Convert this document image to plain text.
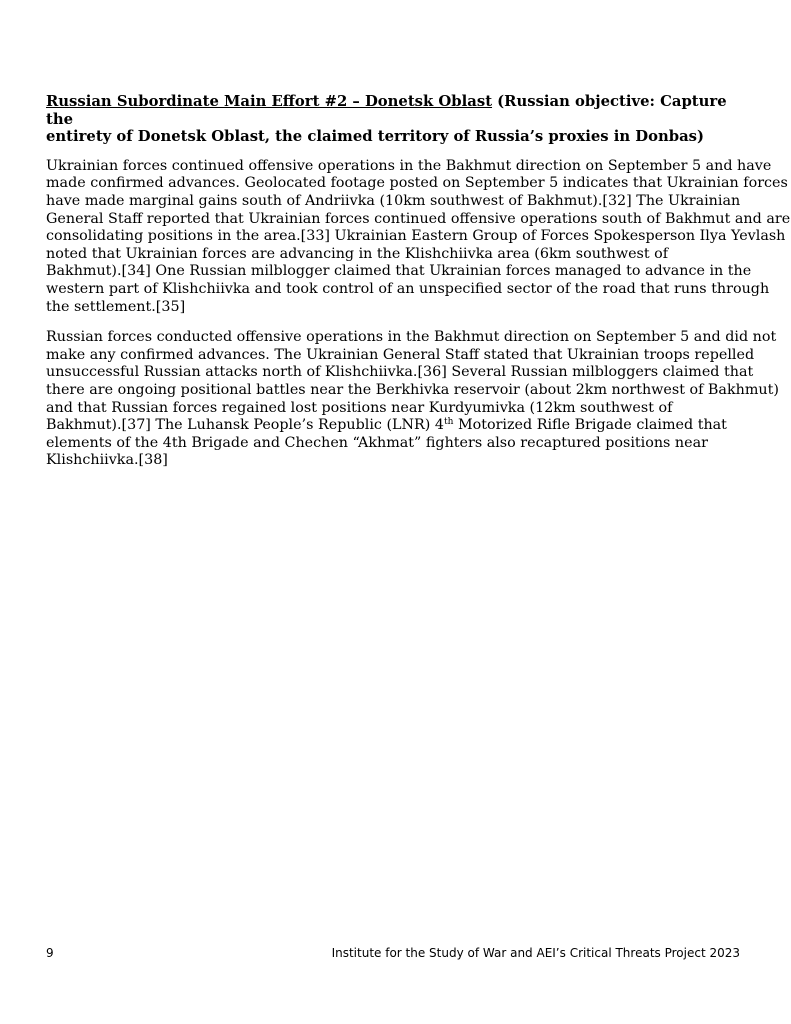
Russian Subordinate Main Effort #2 – Donetsk Oblast (Russian objective: Capture the
entirety of Donetsk Oblast, the claimed territory of Russia’s proxies in Donbas)

Ukrainian forces continued offensive operations in the Bakhmut direction on September 5 and have
made confirmed advances. Geolocated footage posted on September 5 indicates that Ukrainian forces
have made marginal gains south of Andriivka (10km southwest of Bakhmut).[32] The Ukrainian
General Staff reported that Ukrainian forces continued offensive operations south of Bakhmut and are
consolidating positions in the area.[33] Ukrainian Eastern Group of Forces Spokesperson Ilya Yevlash
noted that Ukrainian forces are advancing in the Klishchiivka area (6km southwest of
Bakhmut).[34] One Russian milblogger claimed that Ukrainian forces managed to advance in the
western part of Klishchiivka and took control of an unspecified sector of the road that runs through
the settlement.[35]

Russian forces conducted offensive operations in the Bakhmut direction on September 5 and did not
make any confirmed advances. The Ukrainian General Staff stated that Ukrainian troops repelled
unsuccessful Russian attacks north of Klishchiivka.[36] Several Russian milbloggers claimed that
there are ongoing positional battles near the Berkhivka reservoir (about 2km northwest of Bakhmut)
and that Russian forces regained lost positions near Kurdyumivka (12km southwest of
Bakhmut).[37] The Luhansk People’s Republic (LNR) 4th Motorized Rifle Brigade claimed that
elements of the 4th Brigade and Chechen “Akhmat” fighters also recaptured positions near
Klishchiivka.[38]

9	Institute for the Study of War and AEI’s Critical Threats Project 2023
